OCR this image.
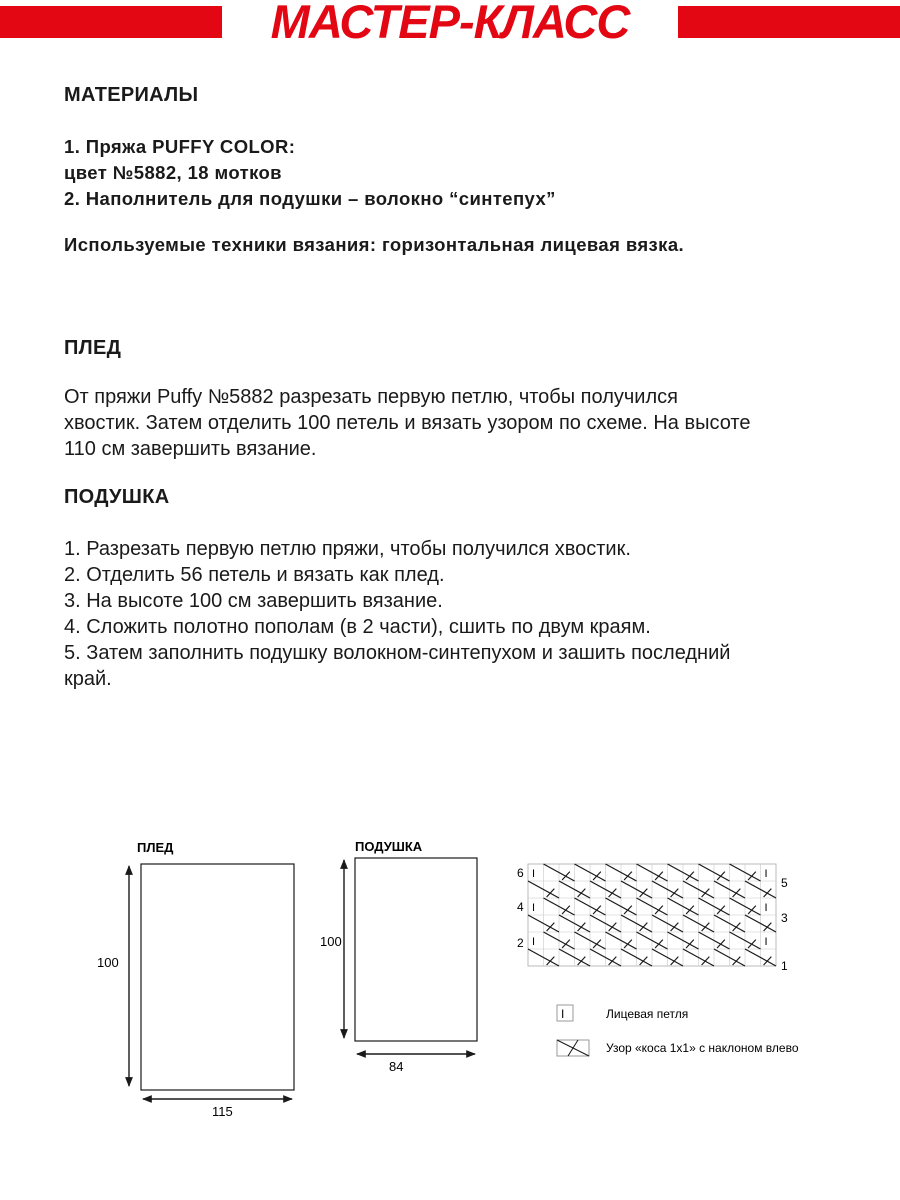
МАСТЕР-КЛАСС
МАТЕРИАЛЫ
1. Пряжа PUFFY COLOR:
цвет №5882, 18 мотков
2. Наполнитель для подушки – волокно “синтепух”
Используемые техники вязания: горизонтальная лицевая вязка.
ПЛЕД
От пряжи Puffy №5882 разрезать первую петлю, чтобы получился
хвостик. Затем отделить 100 петель и вязать узором по схеме. На высоте
110 см завершить вязание.
ПОДУШКА
1. Разрезать первую петлю пряжи, чтобы получился хвостик.
2. Отделить 56 петель и вязать как плед.
3. На высоте 100 см завершить вязание.
4. Сложить полотно пополам (в 2 части), сшить по двум краям.
5. Затем заполнить подушку волокном-синтепухом и зашить последний
край.
ПЛЕД
100
115
ПОДУШКА
100
84
I	I
I	I
I	I
6
4
2
5
3
1
I	Лицевая петля
Узор «коса 1х1» с наклоном влево
